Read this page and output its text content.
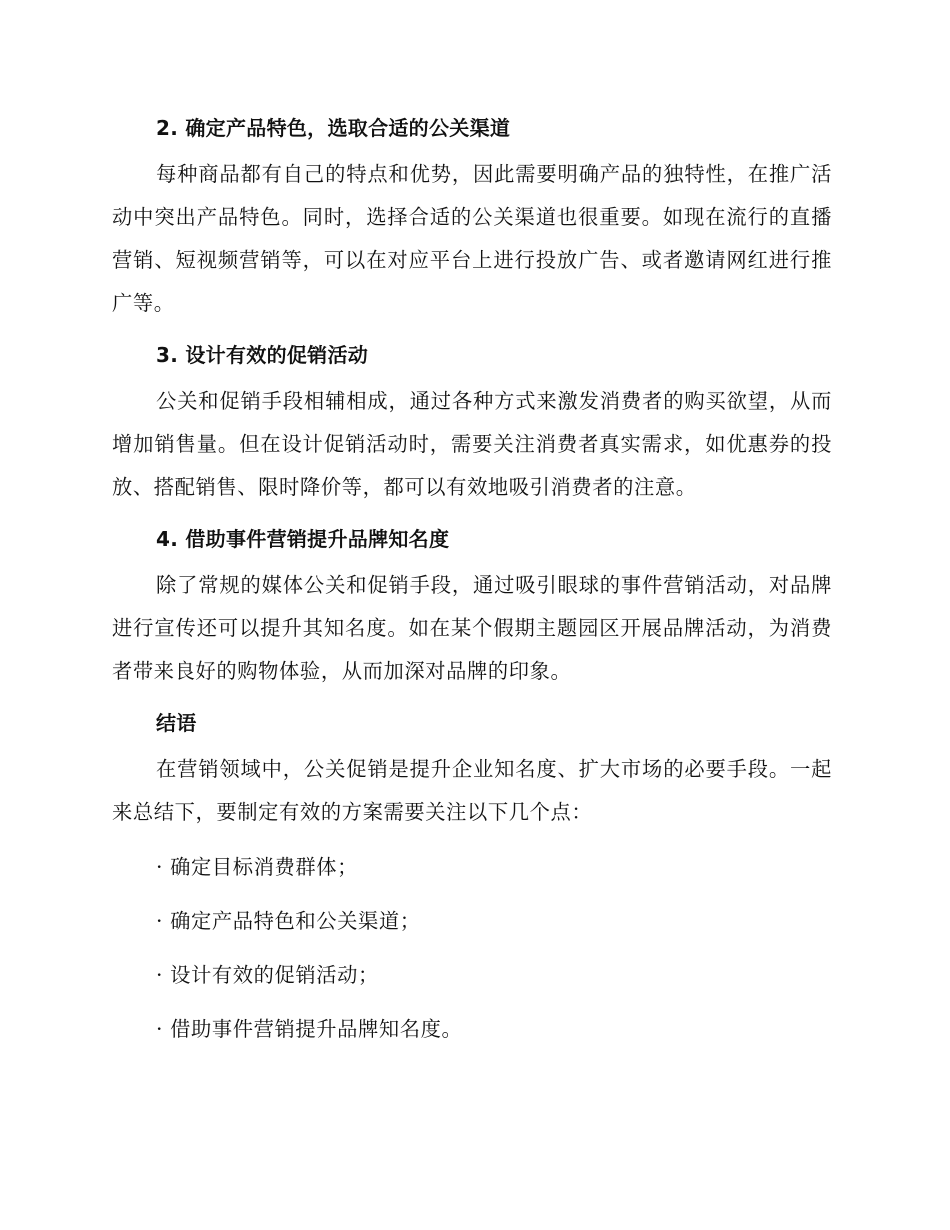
2. 确定产品特色，选取合适的公关渠道

每种商品都有自己的特点和优势，因此需要明确产品的独特性，在推广活动中突出产品特色。同时，选择合适的公关渠道也很重要。如现在流行的直播营销、短视频营销等，可以在对应平台上进行投放广告、或者邀请网红进行推广等。

3. 设计有效的促销活动

公关和促销手段相辅相成，通过各种方式来激发消费者的购买欲望，从而增加销售量。但在设计促销活动时，需要关注消费者真实需求，如优惠券的投放、搭配销售、限时降价等，都可以有效地吸引消费者的注意。

4. 借助事件营销提升品牌知名度

除了常规的媒体公关和促销手段，通过吸引眼球的事件营销活动，对品牌进行宣传还可以提升其知名度。如在某个假期主题园区开展品牌活动，为消费者带来良好的购物体验，从而加深对品牌的印象。

结语

在营销领域中，公关促销是提升企业知名度、扩大市场的必要手段。一起来总结下，要制定有效的方案需要关注以下几个点：

· 确定目标消费群体；
· 确定产品特色和公关渠道；
· 设计有效的促销活动；
· 借助事件营销提升品牌知名度。
